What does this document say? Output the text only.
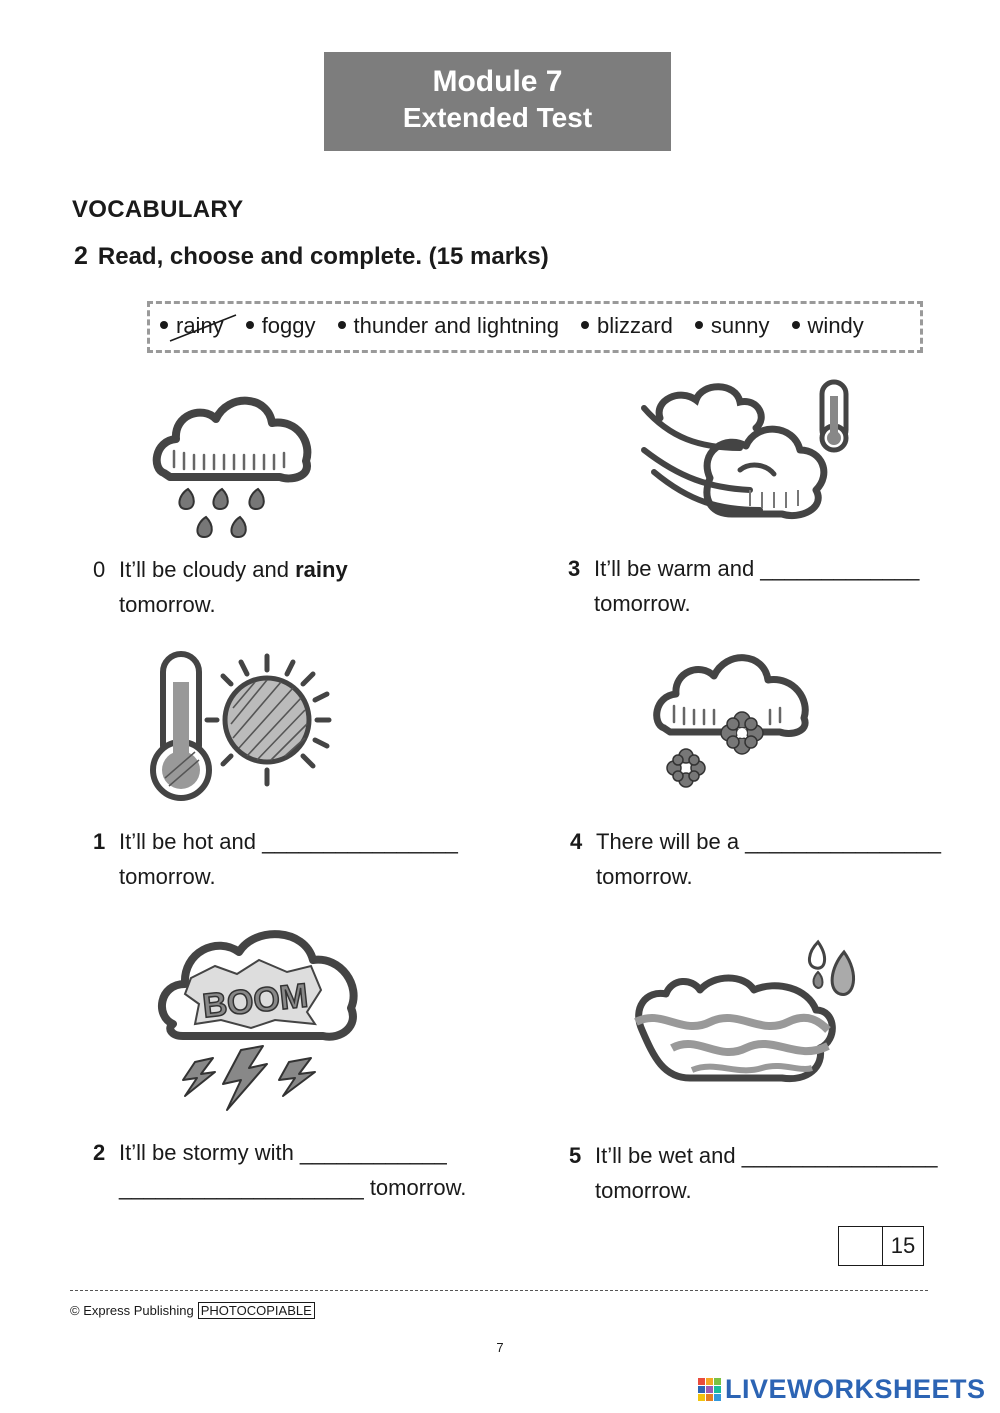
Module 7
Extended Test
VOCABULARY
2 Read, choose and complete. (15 marks)
rainy foggy thunder and lightning blizzard sunny windy
BOOM
0 It’ll be cloudy and rainy
tomorrow.
1 It’ll be hot and ________________
tomorrow.
2 It’ll be stormy with ____________
____________________ tomorrow.
3 It’ll be warm and _____________
tomorrow.
4 There will be a ________________
tomorrow.
5 It’ll be wet and ________________
tomorrow.
15
© Express Publishing PHOTOCOPIABLE
7
LIVEWORKSHEETS
